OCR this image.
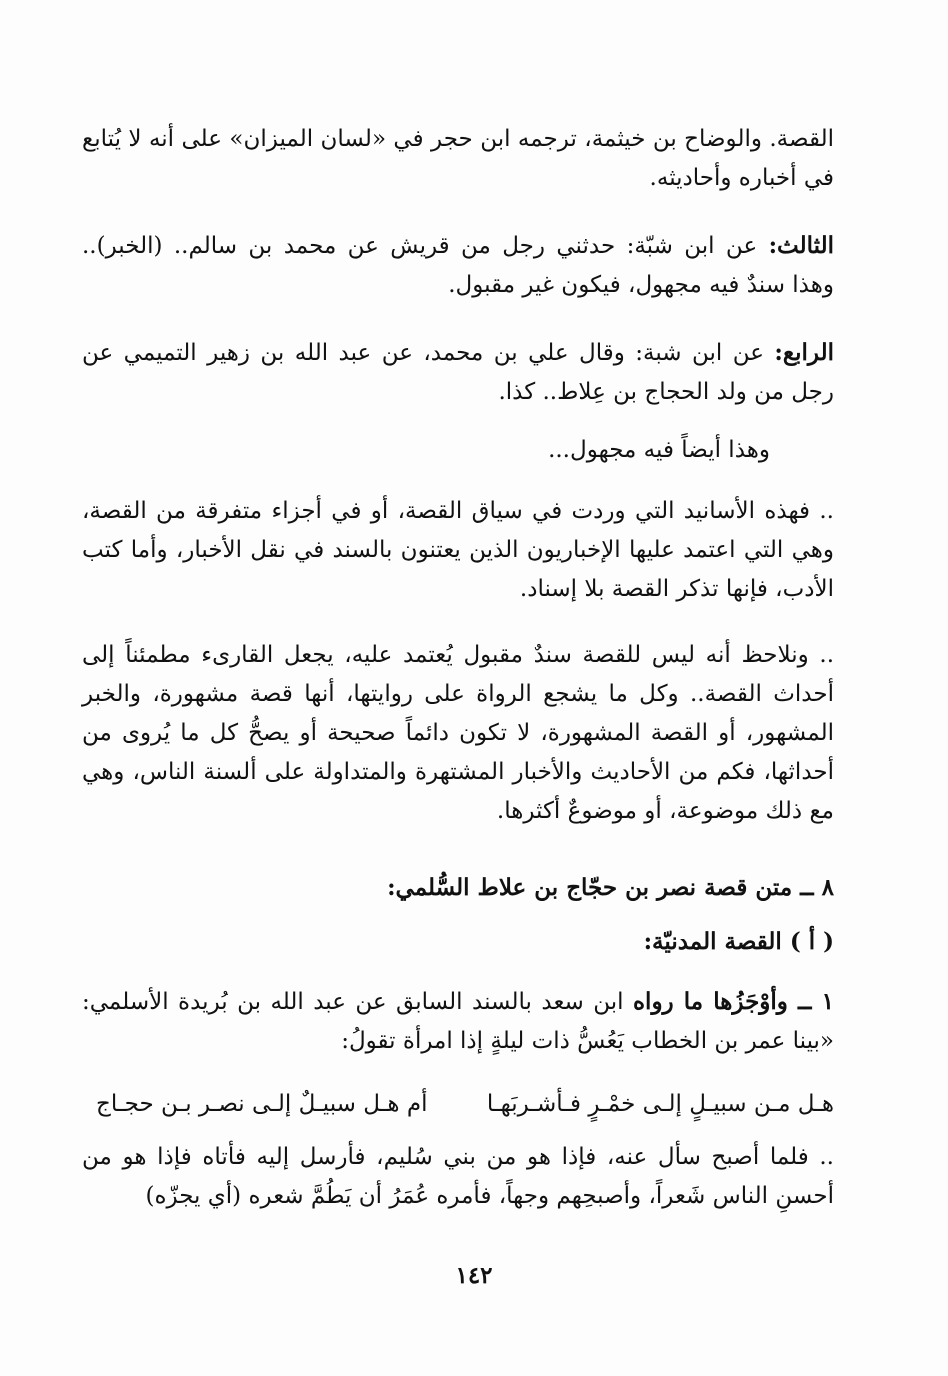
القصة. والوضاح بن خيثمة، ترجمه ابن حجر في «لسان الميزان» على أنه لا يُتابع في أخباره وأحاديثه.
الثالث: عن ابن شبّة: حدثني رجل من قريش عن محمد بن سالم.. (الخبر).. وهذا سندٌ فيه مجهول، فيكون غير مقبول.
الرابع: عن ابن شبة: وقال علي بن محمد، عن عبد الله بن زهير التميمي عن رجل من ولد الحجاج بن عِلاط.. كذا.
وهذا أيضاً فيه مجهول...
.. فهذه الأسانيد التي وردت في سياق القصة، أو في أجزاء متفرقة من القصة، وهي التي اعتمد عليها الإخباريون الذين يعتنون بالسند في نقل الأخبار، وأما كتب الأدب، فإنها تذكر القصة بلا إسناد.
.. ونلاحظ أنه ليس للقصة سندٌ مقبول يُعتمد عليه، يجعل القارىء مطمئناً إلى أحداث القصة.. وكل ما يشجع الرواة على روايتها، أنها قصة مشهورة، والخبر المشهور، أو القصة المشهورة، لا تكون دائماً صحيحة أو يصحُّ كل ما يُروى من أحداثها، فكم من الأحاديث والأخبار المشتهرة والمتداولة على ألسنة الناس، وهي مع ذلك موضوعة، أو موضوعٌ أكثرها.
٨ ــ متن قصة نصر بن حجّاج بن علاط السُّلمي:
( أ ) القصة المدنيّة:
١ ــ وأوْجَزُها ما رواه ابن سعد بالسند السابق عن عبد الله بن بُريدة الأسلمي: «بينا عمر بن الخطاب يَعُسُّ ذات ليلةٍ إذا امرأة تقولُ:
هـل مـن سبيـلٍ إلـى خمْـرٍ فـأشـربَهـا
أم هـل سبيـلٌ إلـى نصـر بـن حجـاج
.. فلما أصبح سأل عنه، فإذا هو من بني سُليم، فأرسل إليه فأتاه فإذا هو من أحسنِ الناس شَعراً، وأصبحِهم وجهاً، فأمره عُمَرُ أن يَطُمَّ شعره (أي يجزّه)
١٤٢
